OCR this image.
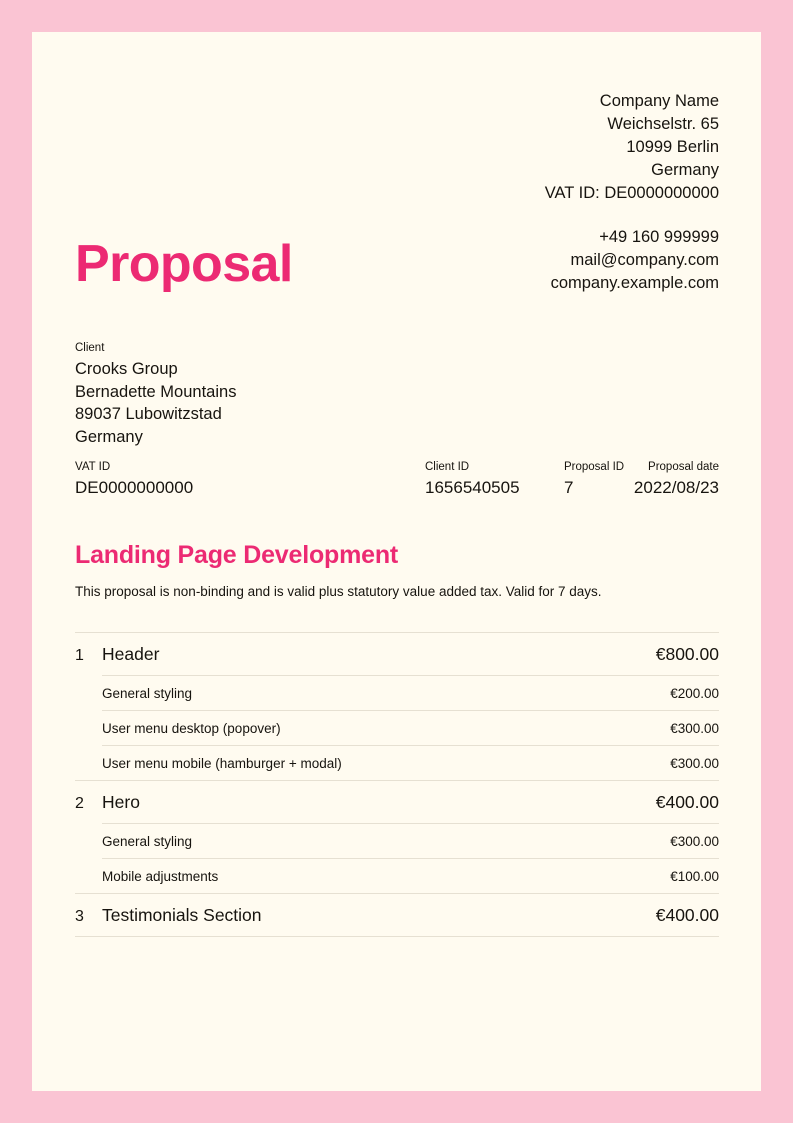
Company Name
Weichselstr. 65
10999 Berlin
Germany
VAT ID: DE0000000000
+49 160 999999
mail@company.com
company.example.com
Proposal
Client
Crooks Group
Bernadette Mountains
89037 Lubowitzstad
Germany
VAT ID
DE0000000000
Client ID
1656540505
Proposal ID
7
Proposal date
2022/08/23
Landing Page Development
This proposal is non-binding and is valid plus statutory value added tax. Valid for 7 days.
1	Header	€800.00
General styling	€200.00
User menu desktop (popover)	€300.00
User menu mobile (hamburger + modal)	€300.00
2	Hero	€400.00
General styling	€300.00
Mobile adjustments	€100.00
3	Testimonials Section	€400.00
